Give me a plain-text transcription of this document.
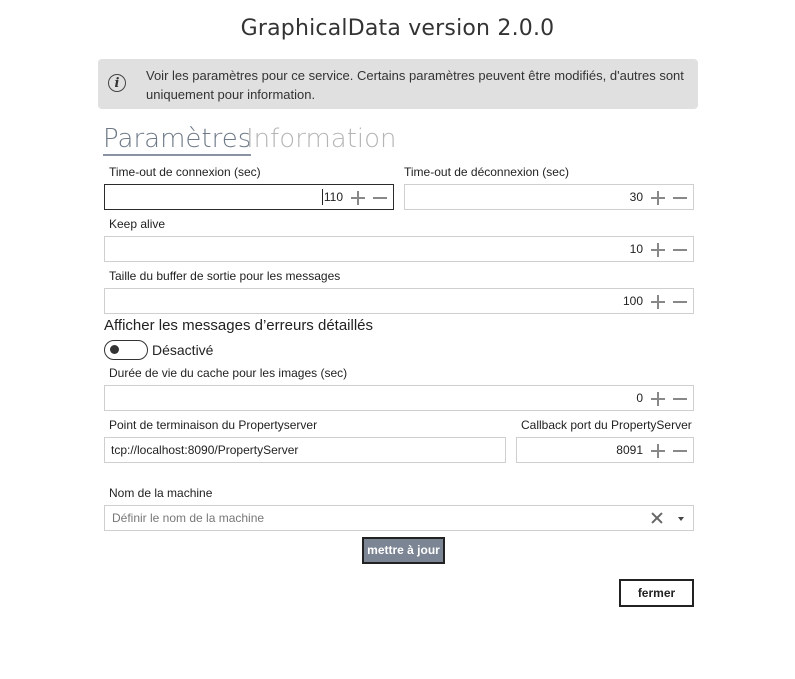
GraphicalData version 2.0.0
i	Voir les paramètres pour ce service. Certains paramètres peuvent être modifiés, d'autres sont uniquement pour information.
Paramètres
Information
Time-out de connexion (sec)
110
Time-out de déconnexion (sec)
30
Keep alive
10
Taille du buffer de sortie pour les messages
100
Afficher les messages d’erreurs détaillés
Désactivé
Durée de vie du cache pour les images (sec)
0
Point de terminaison du Propertyserver
tcp://localhost:8090/PropertyServer
Callback port du PropertyServer
8091
Nom de la machine
Définir le nom de la machine
mettre à jour
fermer
